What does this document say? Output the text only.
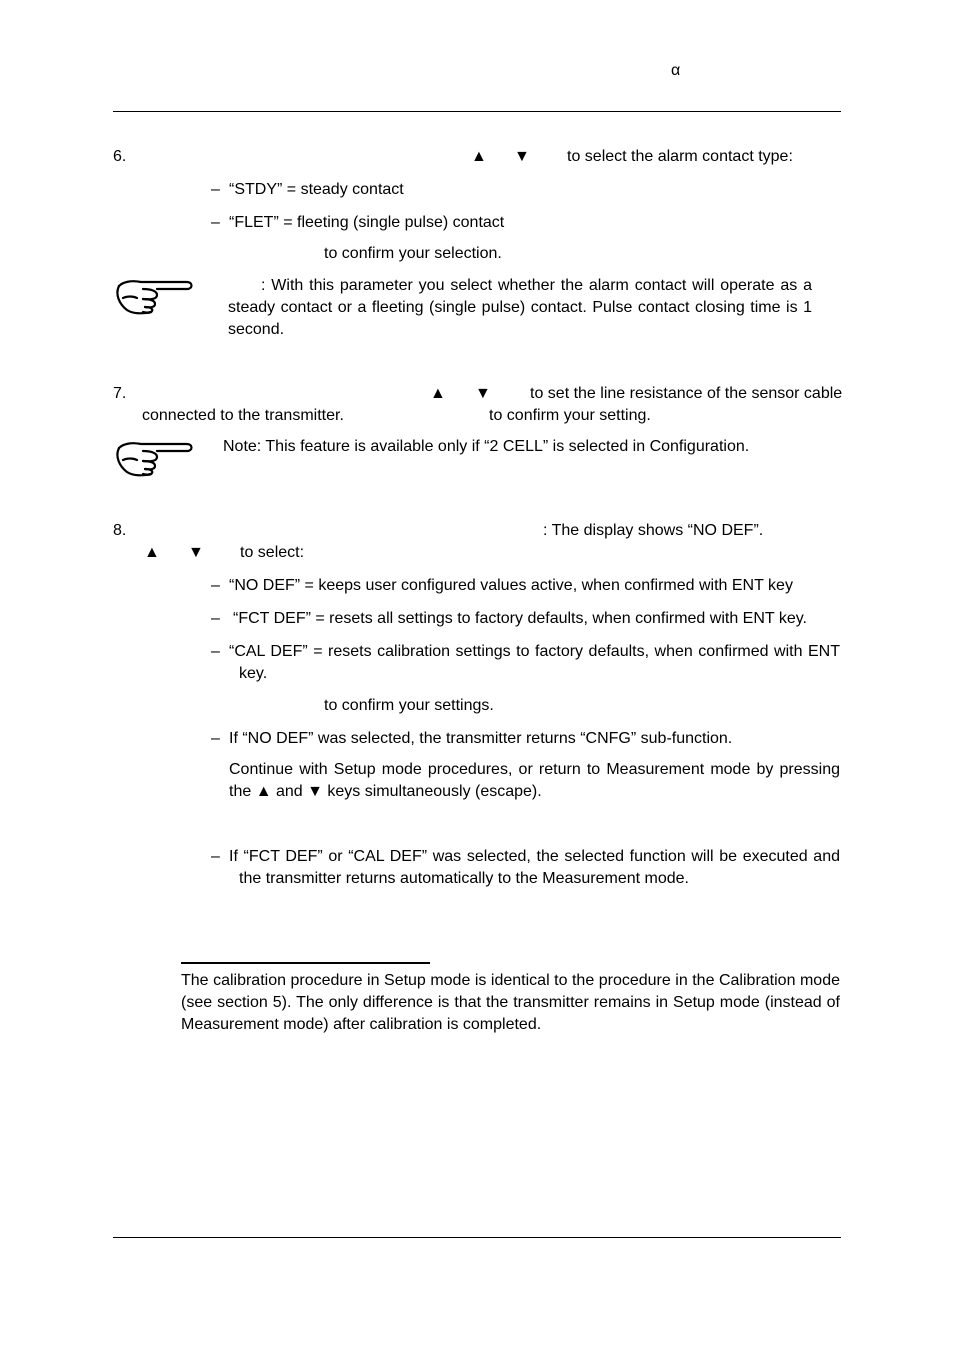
α
6.	▲ ▼ to select the alarm contact type:
– “STDY” = steady contact
– “FLET” = fleeting (single pulse) contact
to confirm your selection.
: With this parameter you select whether the alarm contact will operate as a steady contact or a fleeting (single pulse) contact. Pulse contact closing time is 1 second.
7.	▲ ▼ to set the line resistance of the sensor cable
connected to the transmitter.	to confirm your setting.
Note: This feature is available only if “2 CELL” is selected in Configuration.
8.	: The display shows “NO DEF”.
▲ ▼ to select:
– “NO DEF” = keeps user configured values active, when confirmed with ENT key
– “FCT DEF” = resets all settings to factory defaults, when confirmed with ENT key.
– “CAL DEF” = resets calibration settings to factory defaults, when confirmed with ENT key.
to confirm your settings.
– If “NO DEF” was selected, the transmitter returns “CNFG” sub-function.
Continue with Setup mode procedures, or return to Measurement mode by pressing the ▲ and ▼ keys simultaneously (escape).
– If “FCT DEF” or “CAL DEF” was selected, the selected function will be executed and the transmitter returns automatically to the Measurement mode.
The calibration procedure in Setup mode is identical to the procedure in the Calibration mode (see section 5). The only difference is that the transmitter remains in Setup mode (instead of Measurement mode) after calibration is completed.
